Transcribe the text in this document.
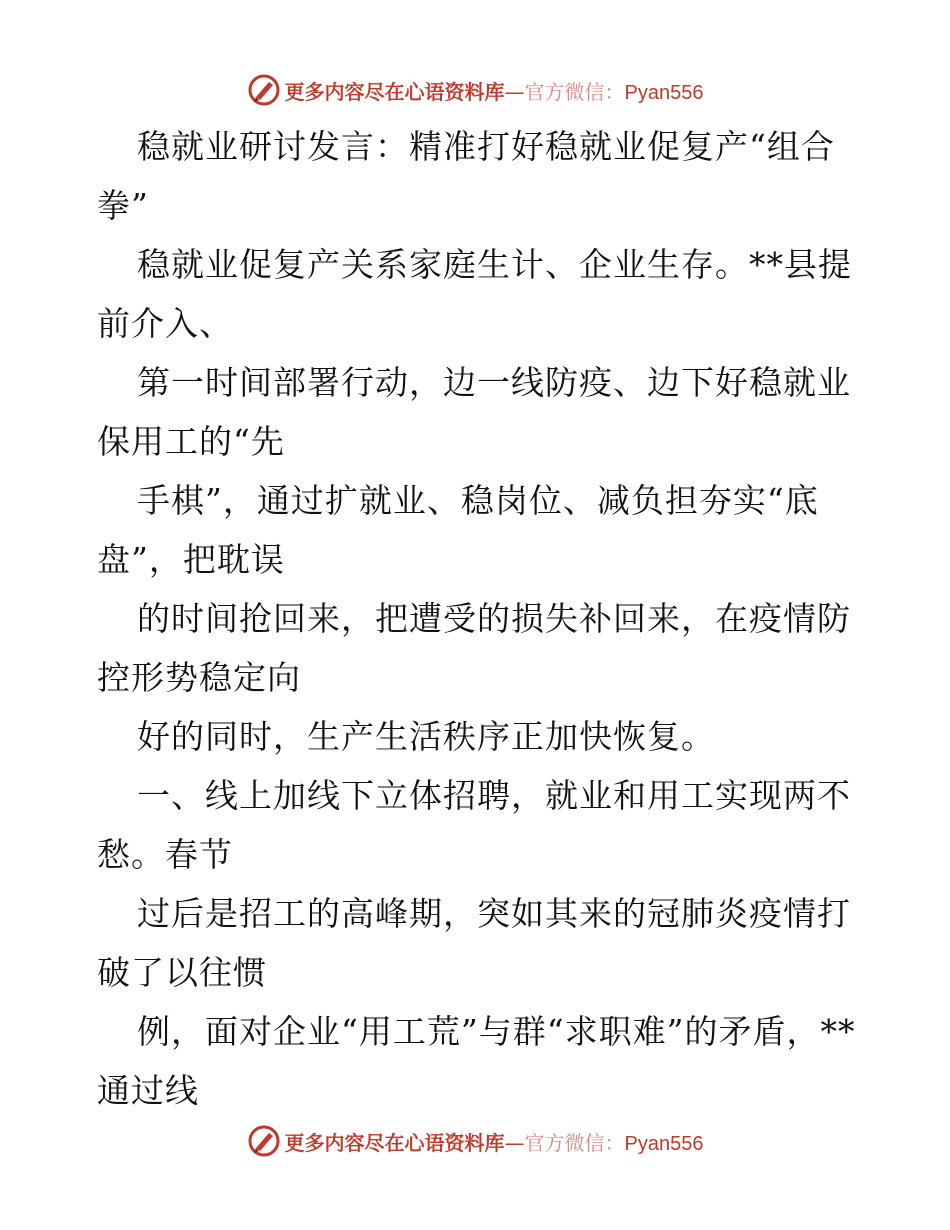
更多内容尽在心语资料库—官方微信：Pyan556

稳就业研讨发言：精准打好稳就业促复产“组合拳”

稳就业促复产关系家庭生计、企业生存。**县提前介入、

第一时间部署行动，边一线防疫、边下好稳就业保用工的“先

手棋”，通过扩就业、稳岗位、减负担夯实“底盘”，把耽误

的时间抢回来，把遭受的损失补回来，在疫情防控形势稳定向

好的同时，生产生活秩序正加快恢复。

一、线上加线下立体招聘，就业和用工实现两不愁。春节

过后是招工的高峰期，突如其来的冠肺炎疫情打破了以往惯

例，面对企业“用工荒”与群“求职难”的矛盾，**通过线

更多内容尽在心语资料库—官方微信：Pyan556
